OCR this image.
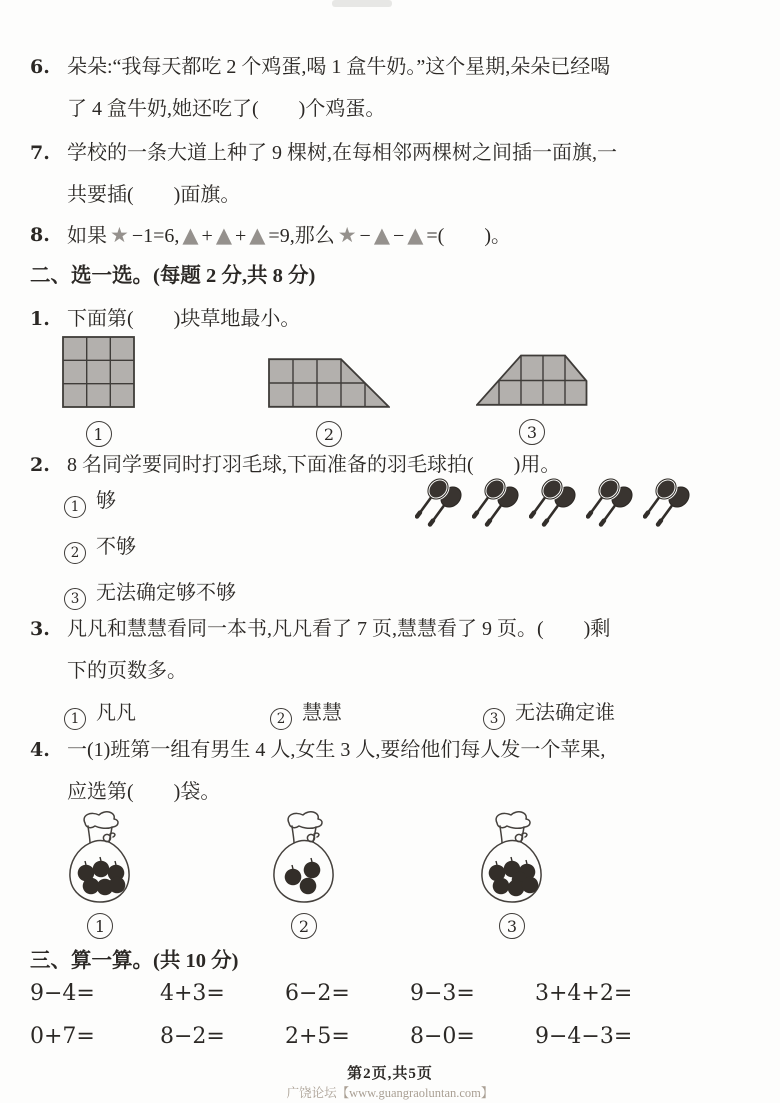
6. 朵朵:“我每天都吃 2 个鸡蛋,喝 1 盒牛奶。”这个星期,朵朵已经喝
了 4 盒牛奶,她还吃了(　　)个鸡蛋。
7. 学校的一条大道上种了 9 棵树,在每相邻两棵树之间插一面旗,一
共要插(　　)面旗。
8. 如果 ★ −1=6, ▲ + ▲ + ▲ =9,那么 ★ − ▲ − ▲ =(　　)。
二、选一选。(每题 2 分,共 8 分)
1. 下面第(　　)块草地最小。
1	2	3
2. 8 名同学要同时打羽毛球,下面准备的羽毛球拍(　　)用。
1 够
2 不够
3 无法确定够不够
3. 凡凡和慧慧看同一本书,凡凡看了 7 页,慧慧看了 9 页。(　　)剩
下的页数多。
1 凡凡	2 慧慧	3 无法确定谁
4. 一(1)班第一组有男生 4 人,女生 3 人,要给他们每人发一个苹果,
应选第(　　)袋。
1	2	3
三、算一算。(共 10 分)
9−4=	4+3=	6−2=	9−3=	3+4+2=
0+7=	8−2=	2+5=	8−0=	9−4−3=
第2页,共5页
广饶论坛【www.guangraoluntan.com】
